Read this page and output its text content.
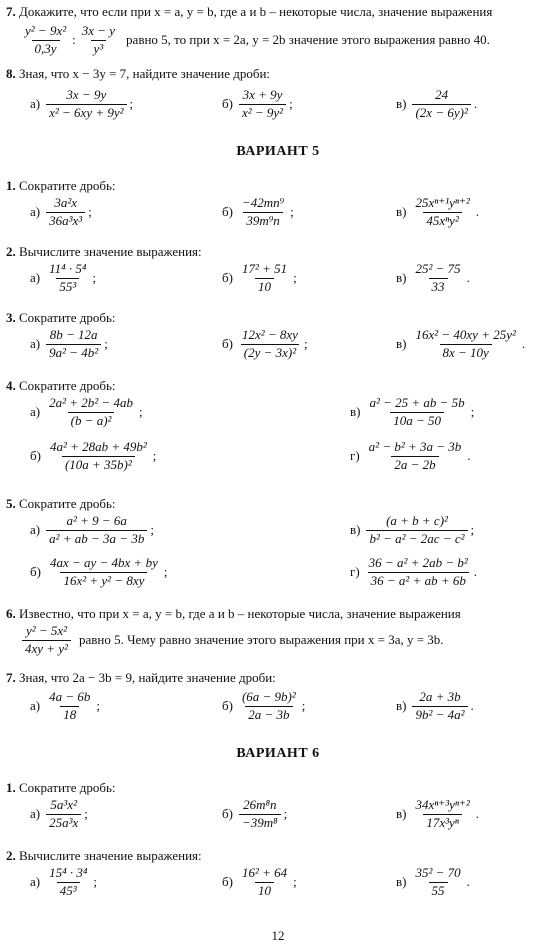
7. Докажите, что если при x = a, y = b, где a и b – некоторые числа, значение выражения
$\frac{\text{y² − 9x²}}{0,3y}$ : $\frac{3x - y}{\text{y³}}$ равно 5, то при x = 2a, y = 2b значение этого выражения равно 40.
8. Зная, что x − 3y = 7, найдите значение дроби:
$а) \frac{3x - 9y}{\text{x² − 6xy + 9y²}}$ ;	$б) \frac{3x + 9y}{\text{x² − 9y²}}$ ;	$в) \frac{24}{\text{(2x − 6y)²}}$ .
ВАРИАНТ 5
1. Сократите дробь:
$а) \frac{\text{3a²x}}{\text{36a³x³}}$ ;	$б) \frac{\text{−42mn⁹}}{\text{39m⁹n}}$ ;	$в) \frac{\text{25xⁿ⁺¹yⁿ⁺²}}{\text{45xⁿy²}}$ .
2. Вычислите значение выражения:
$а) \frac{\text{11⁴ · 5⁴}}{\text{55³}}$ ;	$б) \frac{\text{17² + 51}}{10}$ ;	$в) \frac{\text{25² − 75}}{33}$ .
3. Сократите дробь:
$а) \frac{8b - 12a}{\text{9a² − 4b²}}$ ;	$б) \frac{\text{12x² − 8xy}}{\text{(2y − 3x)²}}$ ;	$в) \frac{\text{16x² − 40xy + 25y²}}{8x - 10y}$ .
4. Сократите дробь:
$а) \frac{\text{2a² + 2b² − 4ab}}{\text{(b − a)²}}$ ;	$в) \frac{\text{a² − 25 + ab − 5b}}{10a - 50}$ ;
$б) \frac{\text{4a² + 28ab + 49b²}}{\text{(10a + 35b)²}}$ ;	$г) \frac{\text{a² − b² + 3a − 3b}}{2a - 2b}$ .
5. Сократите дробь:
$а) \frac{\text{a² + 9 − 6a}}{\text{a² + ab − 3a − 3b}}$ ;	$в) \frac{\text{(a + b + c)²}}{\text{b² − a² − 2ac − c²}}$ ;
$б) \frac{4ax - ay - 4bx + by}{\text{16x² + y² − 8xy}}$ ;	$г) \frac{\text{36 − a² + 2ab − b²}}{\text{36 − a² + ab + 6b}}$ .
6. Известно, что при x = a, y = b, где a и b – некоторые числа, значение выражения
$\frac{\text{y² − 5x²}}{\text{4xy + y²}}$ равно 5. Чему равно значение этого выражения при x = 3a, y = 3b.
7. Зная, что 2a − 3b = 9, найдите значение дроби:
$а) \frac{4a - 6b}{18}$ ;	$б) \frac{\text{(6a − 9b)²}}{2a - 3b}$ ;	$в) \frac{2a + 3b}{\text{9b² − 4a²}}$ .
ВАРИАНТ 6
1. Сократите дробь:
$а) \frac{\text{5a³x²}}{\text{25a³x}}$ ;	$б) \frac{\text{26m⁸n}}{\text{−39m⁸}}$ ;	$в) \frac{\text{34xⁿ⁺³yⁿ⁺²}}{\text{17x³yⁿ}}$ .
2. Вычислите значение выражения:
$а) \frac{\text{15⁴ · 3⁴}}{\text{45³}}$ ;	$б) \frac{\text{16² + 64}}{10}$ ;	$в) \frac{\text{35² − 70}}{55}$ .
12
